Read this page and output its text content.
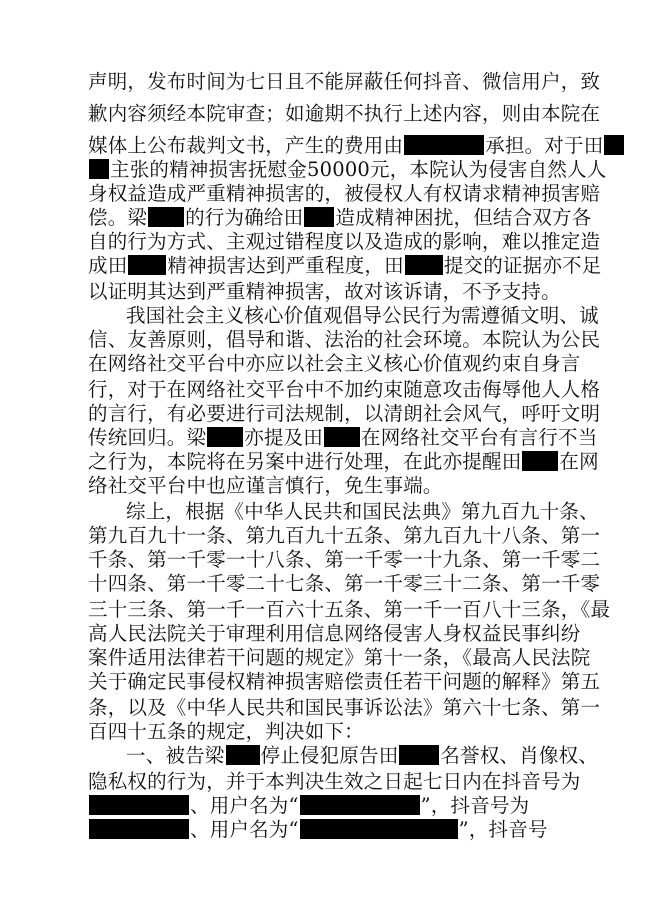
声明，发布时间为七日且不能屏蔽任何抖音、微信用户，致
歉内容须经本院审查；如逾期不执行上述内容，则由本院在
媒体上公布裁判文书，产生的费用由	承担。对于田
主张的精神损害抚慰金50000元，本院认为侵害自然人人
身权益造成严重精神损害的，被侵权人有权请求精神损害赔
偿。梁 的行为确给田 造成精神困扰，但结合双方各
自的行为方式、主观过错程度以及造成的影响，难以推定造
成田 精神损害达到严重程度，田 提交的证据亦不足
以证明其达到严重精神损害，故对该诉请，不予支持。
我国社会主义核心价值观倡导公民行为需遵循文明、诚
信、友善原则，倡导和谐、法治的社会环境。本院认为公民
在网络社交平台中亦应以社会主义核心价值观约束自身言
行，对于在网络社交平台中不加约束随意攻击侮辱他人人格
的言行，有必要进行司法规制，以清朗社会风气，呼吁文明
传统回归。梁 亦提及田 在网络社交平台有言行不当
之行为，本院将在另案中进行处理，在此亦提醒田 在网
络社交平台中也应谨言慎行，免生事端。
综上，根据《中华人民共和国民法典》第九百九十条、
第九百九十一条、第九百九十五条、第九百九十八条、第一
千条、第一千零一十八条、第一千零一十九条、第一千零二
十四条、第一千零二十七条、第一千零三十二条、第一千零
三十三条、第一千一百六十五条、第一千一百八十三条，《最
高人民法院关于审理利用信息网络侵害人身权益民事纠纷
案件适用法律若干问题的规定》第十一条，《最高人民法院
关于确定民事侵权精神损害赔偿责任若干问题的解释》第五
条，以及《中华人民共和国民事诉讼法》第六十七条、第一
百四十五条的规定，判决如下：
一、被告梁 停止侵犯原告田 名誉权、肖像权、
隐私权的行为，并于本判决生效之日起七日内在抖音号为
、用户名为“	”，抖音号为
、用户名为“	”，抖音号
